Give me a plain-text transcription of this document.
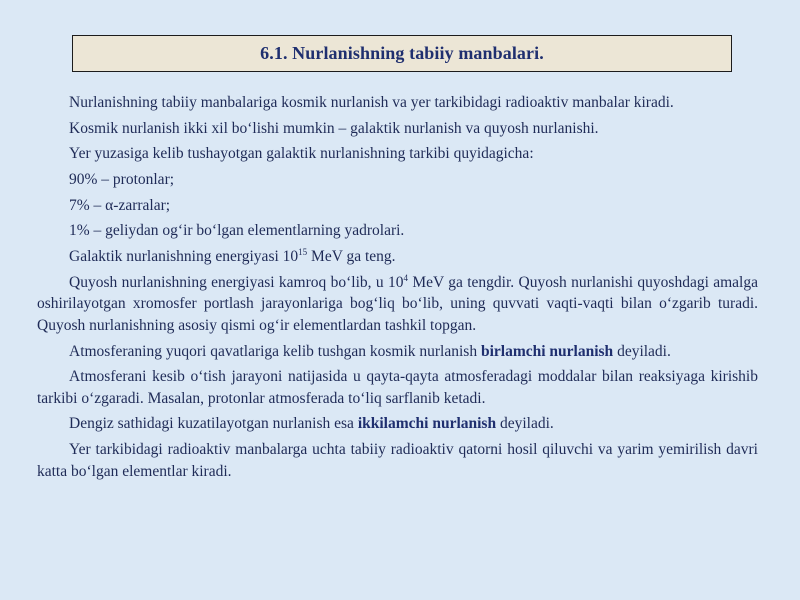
6.1. Nurlanishning tabiiy manbalari.

Nurlanishning tabiiy manbalariga kosmik nurlanish va yer tarkibidagi radioaktiv manbalar kiradi.

Kosmik nurlanish ikki xil bo‘lishi mumkin – galaktik nurlanish va quyosh nurlanishi.

Yer yuzasiga kelib tushayotgan galaktik nurlanishning tarkibi quyidagicha:

90% – protonlar;

7% – α-zarralar;

1% – geliydan og‘ir bo‘lgan elementlarning yadrolari.

Galaktik nurlanishning energiyasi $10^{15}$ MeV ga teng.

Quyosh nurlanishning energiyasi kamroq bo‘lib, u $10^4$ MeV ga tengdir. Quyosh nurlanishi quyoshdagi amalga oshirilayotgan xromosfer portlash jarayonlariga bog‘liq bo‘lib, uning quvvati vaqti-vaqti bilan o‘zgarib turadi. Quyosh nurlanishning asosiy qismi og‘ir elementlardan tashkil topgan.

Atmosferaning yuqori qavatlariga kelib tushgan kosmik nurlanish birlamchi nurlanish deyiladi.

Atmosferani kesib o‘tish jarayoni natijasida u qayta-qayta atmosferadagi moddalar bilan reaksiyaga kirishib tarkibi o‘zgaradi. Masalan, protonlar atmosferada to‘liq sarflanib ketadi.

Dengiz sathidagi kuzatilayotgan nurlanish esa ikkilamchi nurlanish deyiladi.

Yer tarkibidagi radioaktiv manbalarga uchta tabiiy radioaktiv qatorni hosil qiluvchi va yarim yemirilish davri katta bo‘lgan elementlar kiradi.
